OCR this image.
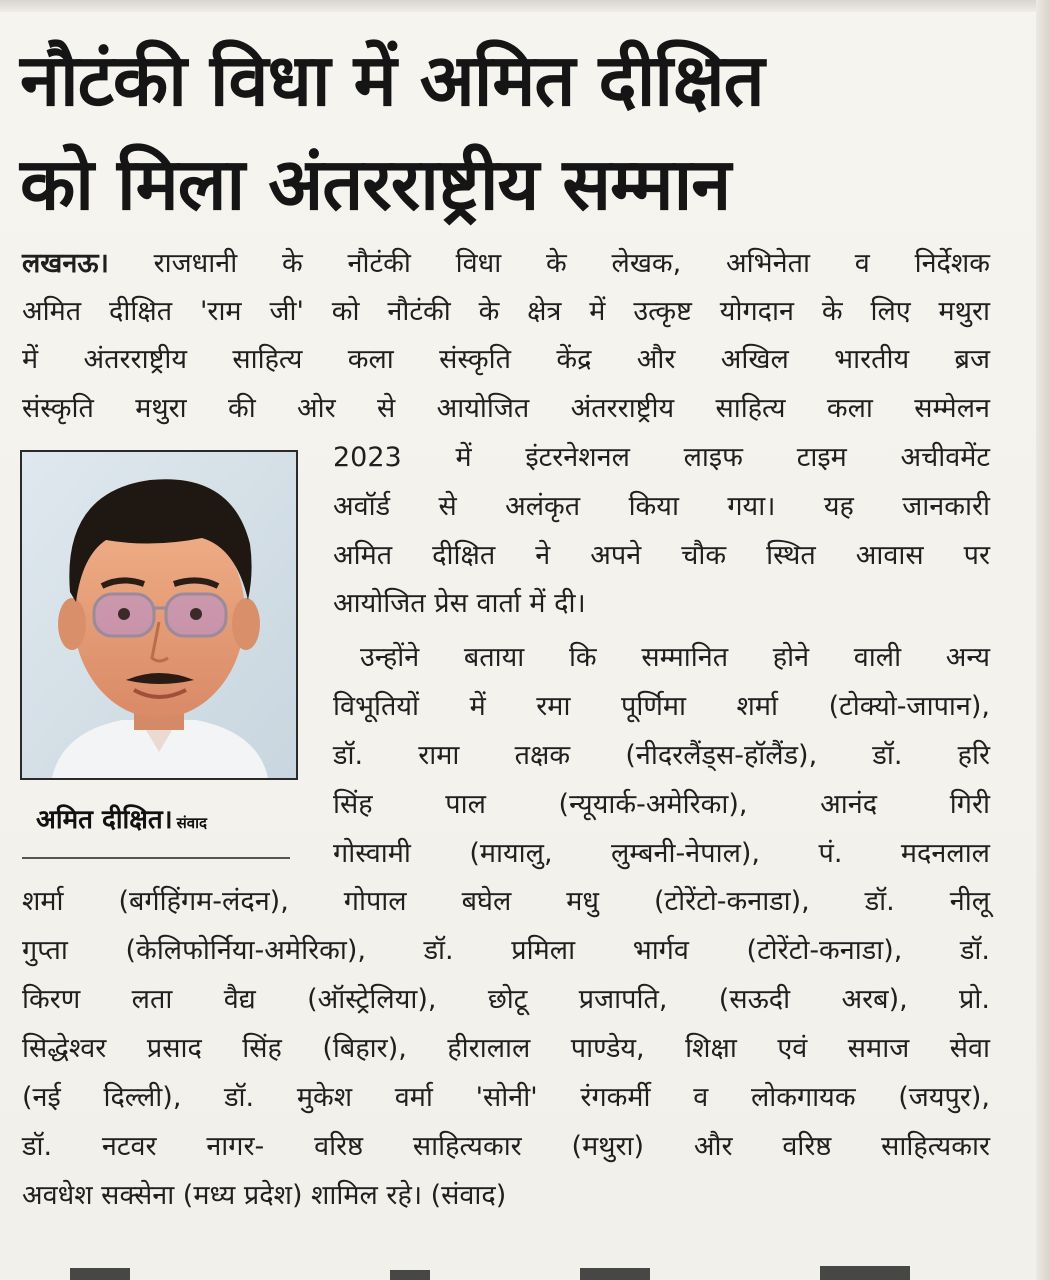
नौटंकी विधा में अमित दीक्षित
को मिला अंतरराष्ट्रीय सम्मान
लखनऊ। राजधानी के नौटंकी विधा के लेखक, अभिनेता व निर्देशक
अमित दीक्षित 'राम जी' को नौटंकी के क्षेत्र में उत्कृष्ट योगदान के लिए मथुरा
में अंतरराष्ट्रीय साहित्य कला संस्कृति केंद्र और अखिल भारतीय ब्रज
संस्कृति मथुरा की ओर से आयोजित अंतरराष्ट्रीय साहित्य कला सम्मेलन
2023 में इंटरनेशनल लाइफ टाइम अचीवमेंट
अवॉर्ड से अलंकृत किया गया। यह जानकारी
अमित दीक्षित ने अपने चौक स्थित आवास पर
आयोजित प्रेस वार्ता में दी।
उन्होंने बताया कि सम्मानित होने वाली अन्य
विभूतियों में रमा पूर्णिमा शर्मा (टोक्यो-जापान),
डॉ. रामा तक्षक (नीदरलैंड्स-हॉलैंड), डॉ. हरि
सिंह पाल (न्यूयार्क-अमेरिका), आनंद गिरी
गोस्वामी (मायालु, लुम्बनी-नेपाल), पं. मदनलाल
शर्मा (बर्गहिंगम-लंदन), गोपाल बघेल मधु (टोरेंटो-कनाडा), डॉ. नीलू
गुप्ता (केलिफोर्निया-अमेरिका), डॉ. प्रमिला भार्गव (टोरेंटो-कनाडा), डॉ.
किरण लता वैद्य (ऑस्ट्रेलिया), छोटू प्रजापति, (सऊदी अरब), प्रो.
सिद्धेश्वर प्रसाद सिंह (बिहार), हीरालाल पाण्डेय, शिक्षा एवं समाज सेवा
(नई दिल्ली), डॉ. मुकेश वर्मा 'सोनी' रंगकर्मी व लोकगायक (जयपुर),
डॉ. नटवर नागर- वरिष्ठ साहित्यकार (मथुरा) और वरिष्ठ साहित्यकार
अवधेश सक्सेना (मध्य प्रदेश) शामिल रहे। (संवाद)
अमित दीक्षित। संवाद
